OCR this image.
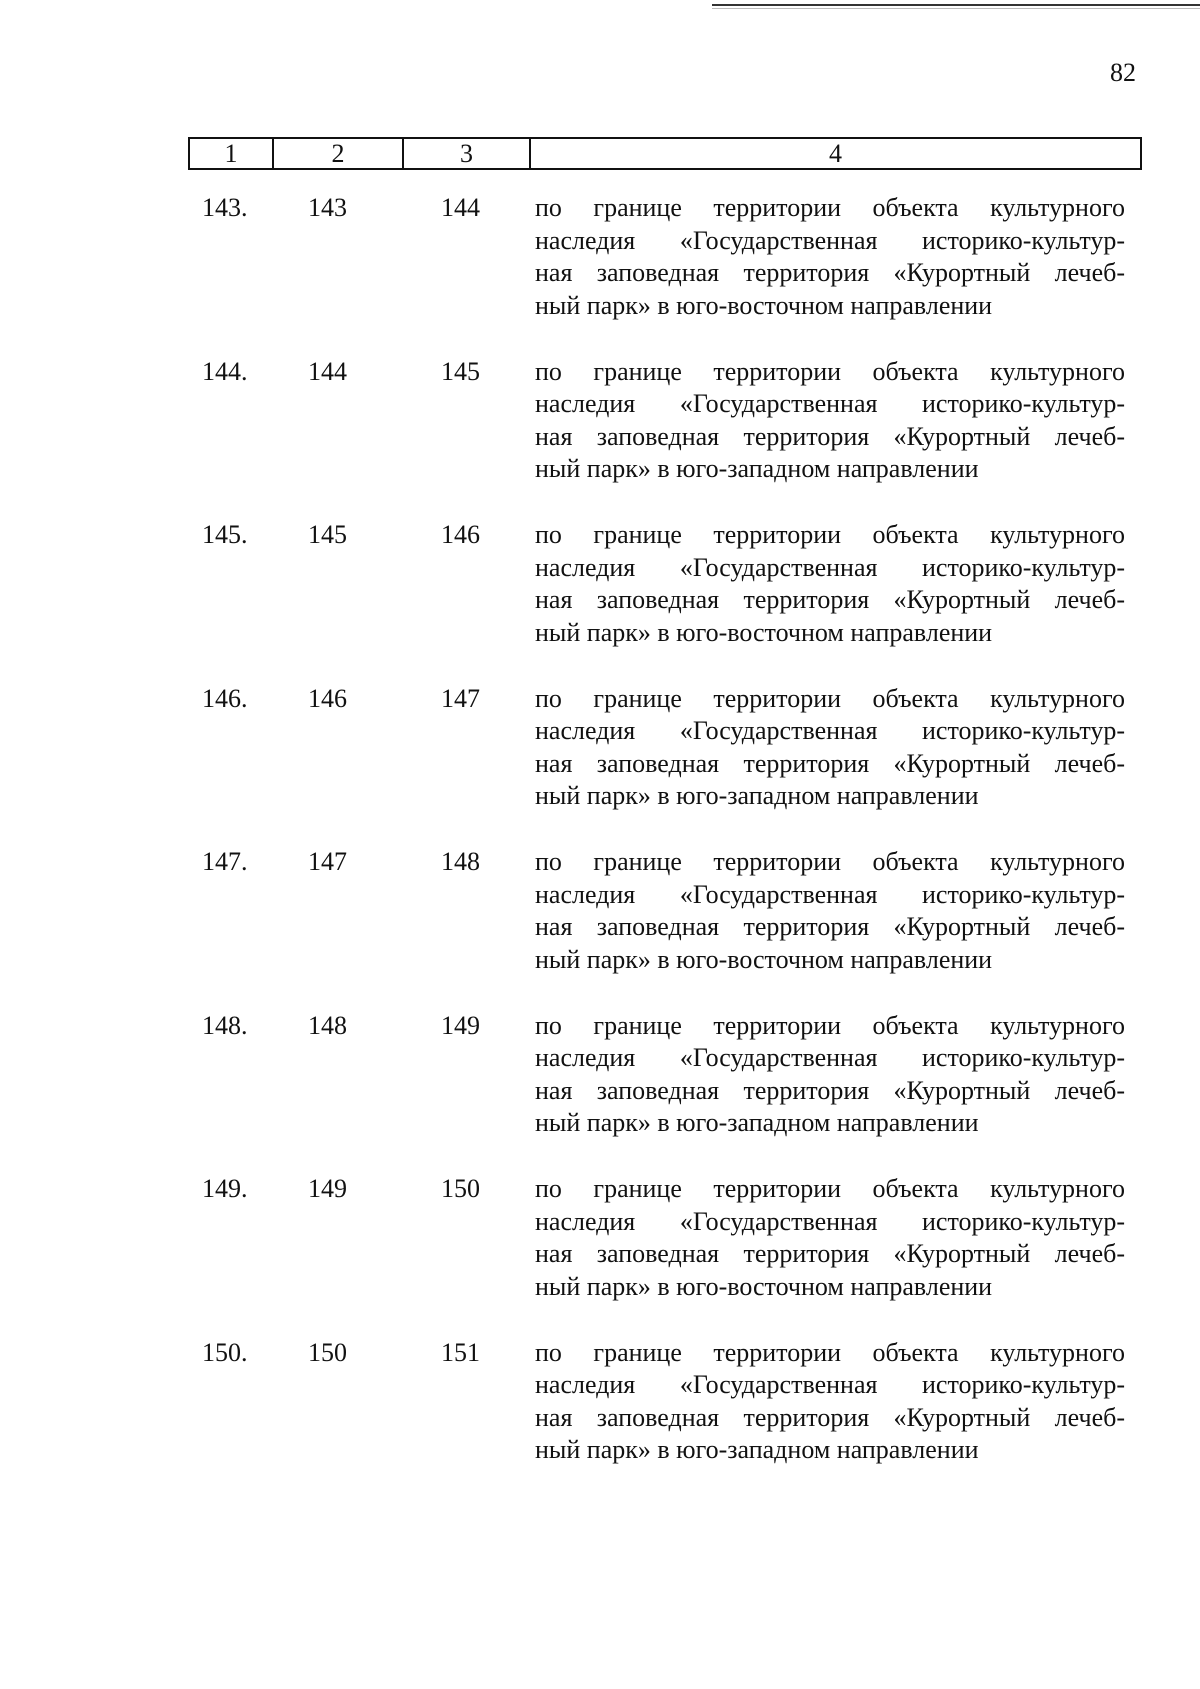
82
1	2	3	4
143. 143	144 по границе территории объекта культурного
наследия «Государственная историко-культур-
ная заповедная территория «Курортный лечеб-
ный парк» в юго-восточном направлении
144. 144	145 по границе территории объекта культурного
наследия «Государственная историко-культур-
ная заповедная территория «Курортный лечеб-
ный парк» в юго-западном направлении
145. 145	146 по границе территории объекта культурного
наследия «Государственная историко-культур-
ная заповедная территория «Курортный лечеб-
ный парк» в юго-восточном направлении
146. 146	147 по границе территории объекта культурного
наследия «Государственная историко-культур-
ная заповедная территория «Курортный лечеб-
ный парк» в юго-западном направлении
147. 147	148 по границе территории объекта культурного
наследия «Государственная историко-культур-
ная заповедная территория «Курортный лечеб-
ный парк» в юго-восточном направлении
148. 148	149 по границе территории объекта культурного
наследия «Государственная историко-культур-
ная заповедная территория «Курортный лечеб-
ный парк» в юго-западном направлении
149. 149	150 по границе территории объекта культурного
наследия «Государственная историко-культур-
ная заповедная территория «Курортный лечеб-
ный парк» в юго-восточном направлении
150. 150	151 по границе территории объекта культурного
наследия «Государственная историко-культур-
ная заповедная территория «Курортный лечеб-
ный парк» в юго-западном направлении
